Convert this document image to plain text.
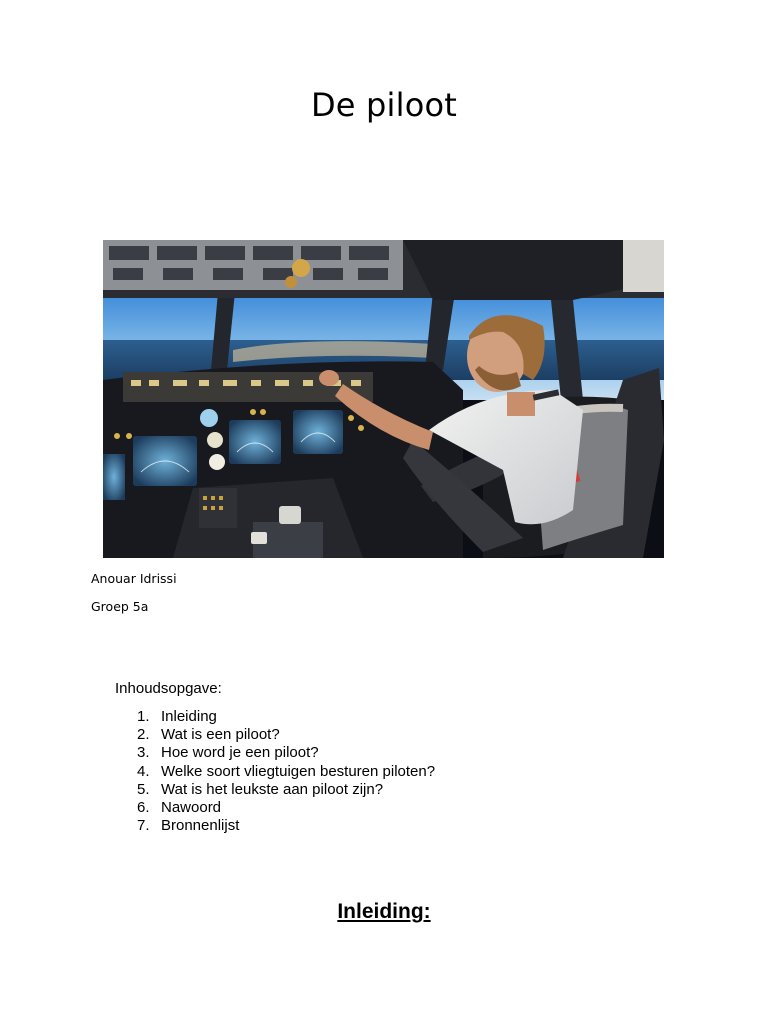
De piloot
Anouar Idrissi
Groep 5a
Inhoudsopgave:
1. Inleiding
2. Wat is een piloot?
3. Hoe word je een piloot?
4. Welke soort vliegtuigen besturen piloten?
5. Wat is het leukste aan piloot zijn?
6. Nawoord
7. Bronnenlijst
Inleiding:
